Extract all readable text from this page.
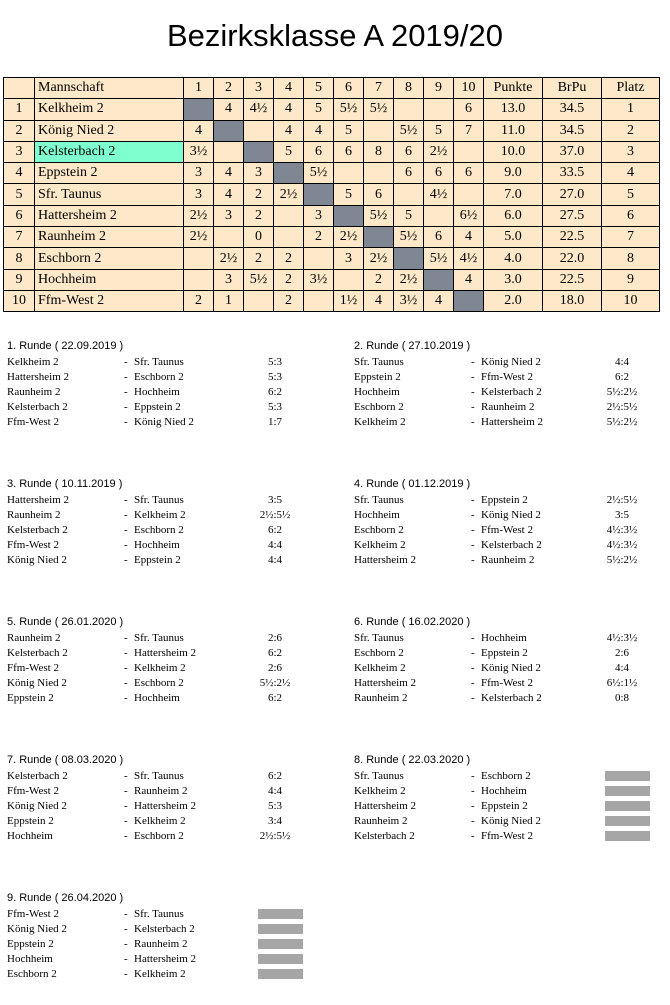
Bezirksklasse A 2019/20
	Mannschaft	1	2	3	4	5	6	7	8	9	10	Punkte	BrPu	Platz
1	Kelkheim 2		4	4½	4	5	5½	5½			6	13.0	34.5	1
2	König Nied 2	4			4	4	5		5½	5	7	11.0	34.5	2
3	Kelsterbach 2	3½			5	6	6	8	6	2½		10.0	37.0	3
4	Eppstein 2	3	4	3		5½			6	6	6	9.0	33.5	4
5	Sfr. Taunus	3	4	2	2½		5	6		4½		7.0	27.0	5
6	Hattersheim 2	2½	3	2		3		5½	5		6½	6.0	27.5	6
7	Raunheim 2	2½		0		2	2½		5½	6	4	5.0	22.5	7
8	Eschborn 2		2½	2	2		3	2½		5½	4½	4.0	22.0	8
9	Hochheim		3	5½	2	3½		2	2½		4	3.0	22.5	9
10	Ffm-West 2	2	1		2		1½	4	3½	4		2.0	18.0	10
1. Runde ( 22.09.2019 )
Kelkheim 2	- Sfr. Taunus	5:3
Hattersheim 2	- Eschborn 2	5:3
Raunheim 2	- Hochheim	6:2
Kelsterbach 2	- Eppstein 2	5:3
Ffm-West 2	- König Nied 2	1:7
2. Runde ( 27.10.2019 )
Sfr. Taunus	- König Nied 2	4:4
Eppstein 2	- Ffm-West 2	6:2
Hochheim	- Kelsterbach 2	5½:2½
Eschborn 2	- Raunheim 2	2½:5½
Kelkheim 2	- Hattersheim 2	5½:2½
3. Runde ( 10.11.2019 )
Hattersheim 2	- Sfr. Taunus	3:5
Raunheim 2	- Kelkheim 2	2½:5½
Kelsterbach 2	- Eschborn 2	6:2
Ffm-West 2	- Hochheim	4:4
König Nied 2	- Eppstein 2	4:4
4. Runde ( 01.12.2019 )
Sfr. Taunus	- Eppstein 2	2½:5½
Hochheim	- König Nied 2	3:5
Eschborn 2	- Ffm-West 2	4½:3½
Kelkheim 2	- Kelsterbach 2	4½:3½
Hattersheim 2	- Raunheim 2	5½:2½
5. Runde ( 26.01.2020 )
Raunheim 2	- Sfr. Taunus	2:6
Kelsterbach 2	- Hattersheim 2	6:2
Ffm-West 2	- Kelkheim 2	2:6
König Nied 2	- Eschborn 2	5½:2½
Eppstein 2	- Hochheim	6:2
6. Runde ( 16.02.2020 )
Sfr. Taunus	- Hochheim	4½:3½
Eschborn 2	- Eppstein 2	2:6
Kelkheim 2	- König Nied 2	4:4
Hattersheim 2	- Ffm-West 2	6½:1½
Raunheim 2	- Kelsterbach 2	0:8
7. Runde ( 08.03.2020 )
Kelsterbach 2	- Sfr. Taunus	6:2
Ffm-West 2	- Raunheim 2	4:4
König Nied 2	- Hattersheim 2	5:3
Eppstein 2	- Kelkheim 2	3:4
Hochheim	- Eschborn 2	2½:5½
8. Runde ( 22.03.2020 )
Sfr. Taunus	- Eschborn 2
Kelkheim 2	- Hochheim
Hattersheim 2	- Eppstein 2
Raunheim 2	- König Nied 2
Kelsterbach 2	- Ffm-West 2
9. Runde ( 26.04.2020 )
Ffm-West 2	- Sfr. Taunus
König Nied 2	- Kelsterbach 2
Eppstein 2	- Raunheim 2
Hochheim	- Hattersheim 2
Eschborn 2	- Kelkheim 2
